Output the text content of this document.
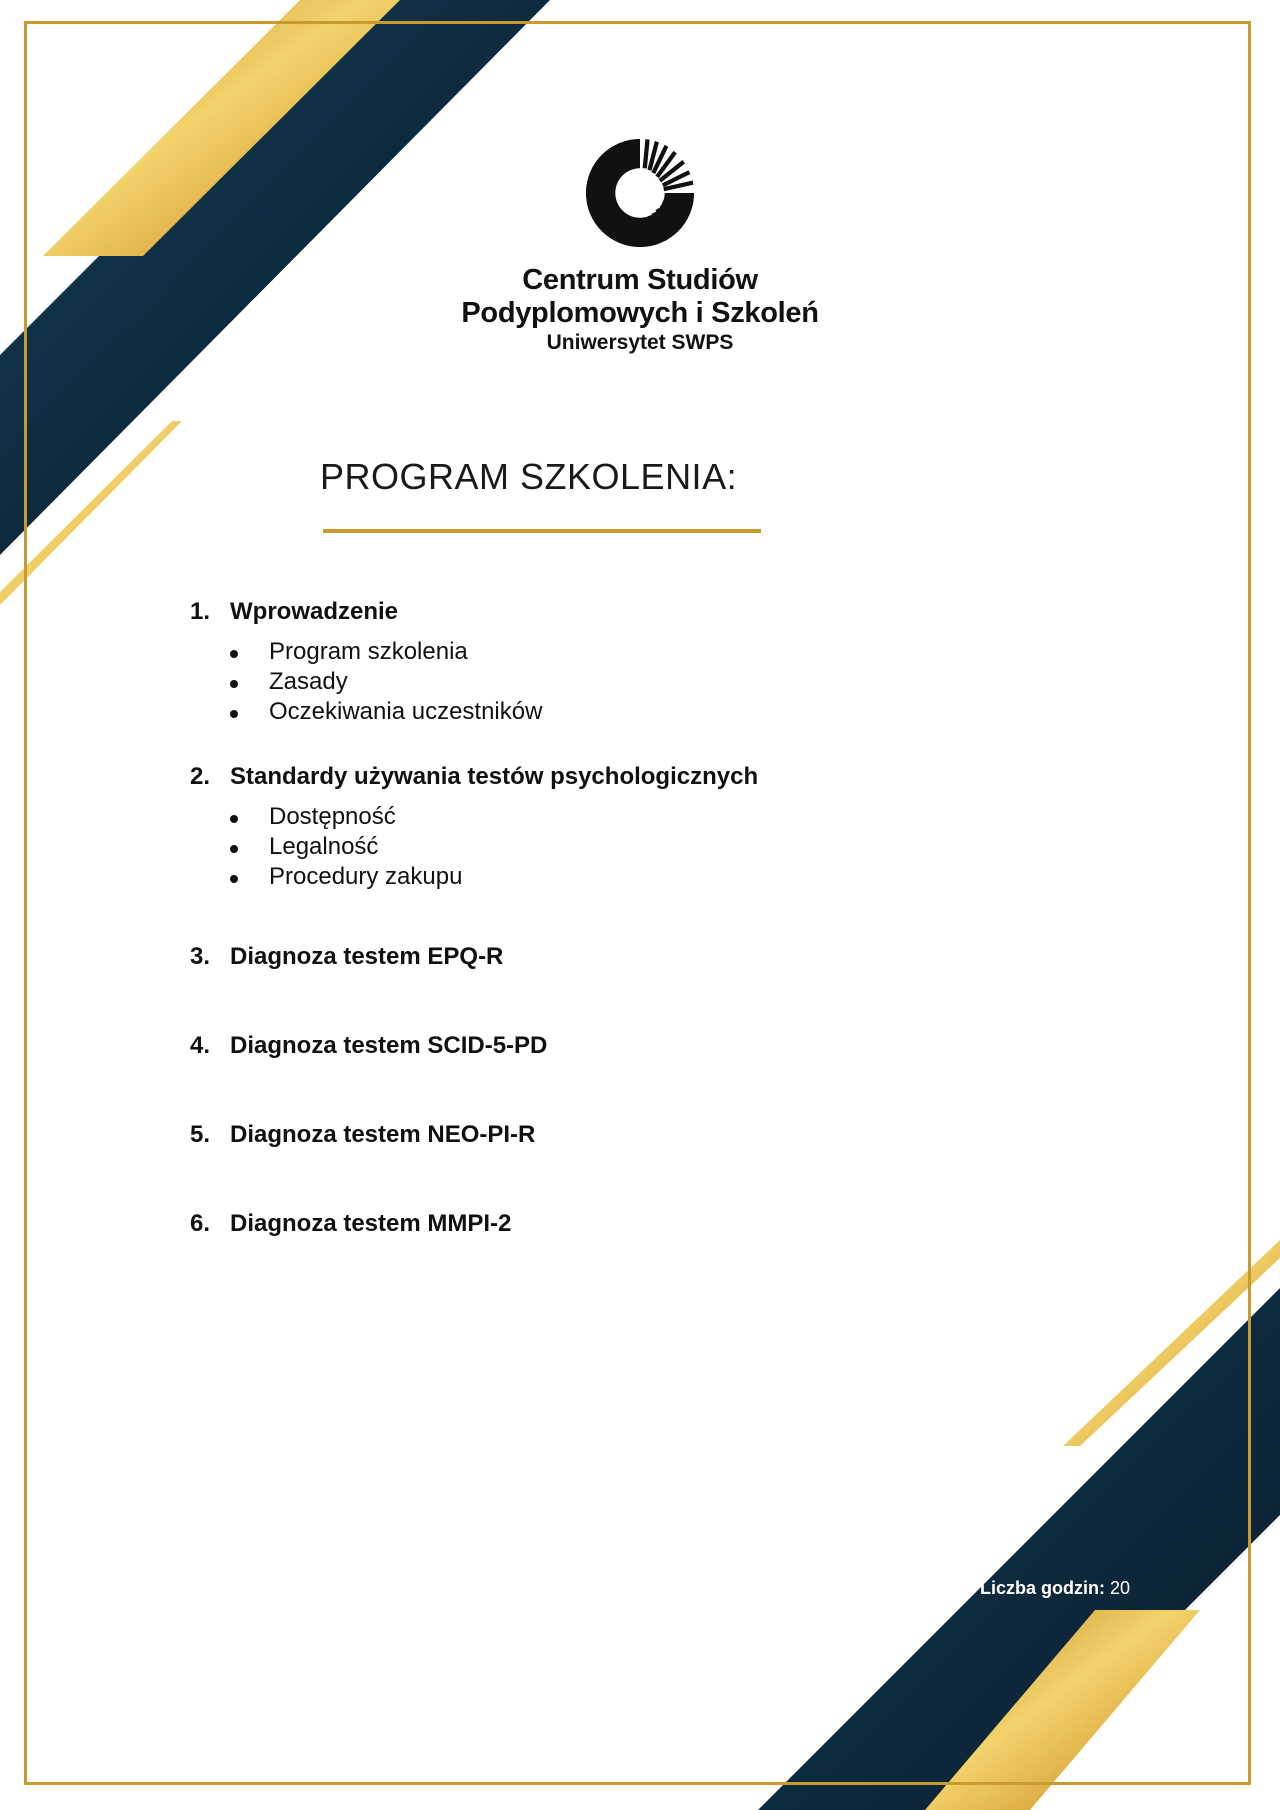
Centrum Studiów
Podyplomowych i Szkoleń
Uniwersytet SWPS
PROGRAM SZKOLENIA:
1. Wprowadzenie
Program szkolenia
Zasady
Oczekiwania uczestników
2. Standardy używania testów psychologicznych
Dostępność
Legalność
Procedury zakupu
3. Diagnoza testem EPQ-R
4. Diagnoza testem SCID-5-PD
5. Diagnoza testem NEO-PI-R
6. Diagnoza testem MMPI-2
Liczba godzin: 20
